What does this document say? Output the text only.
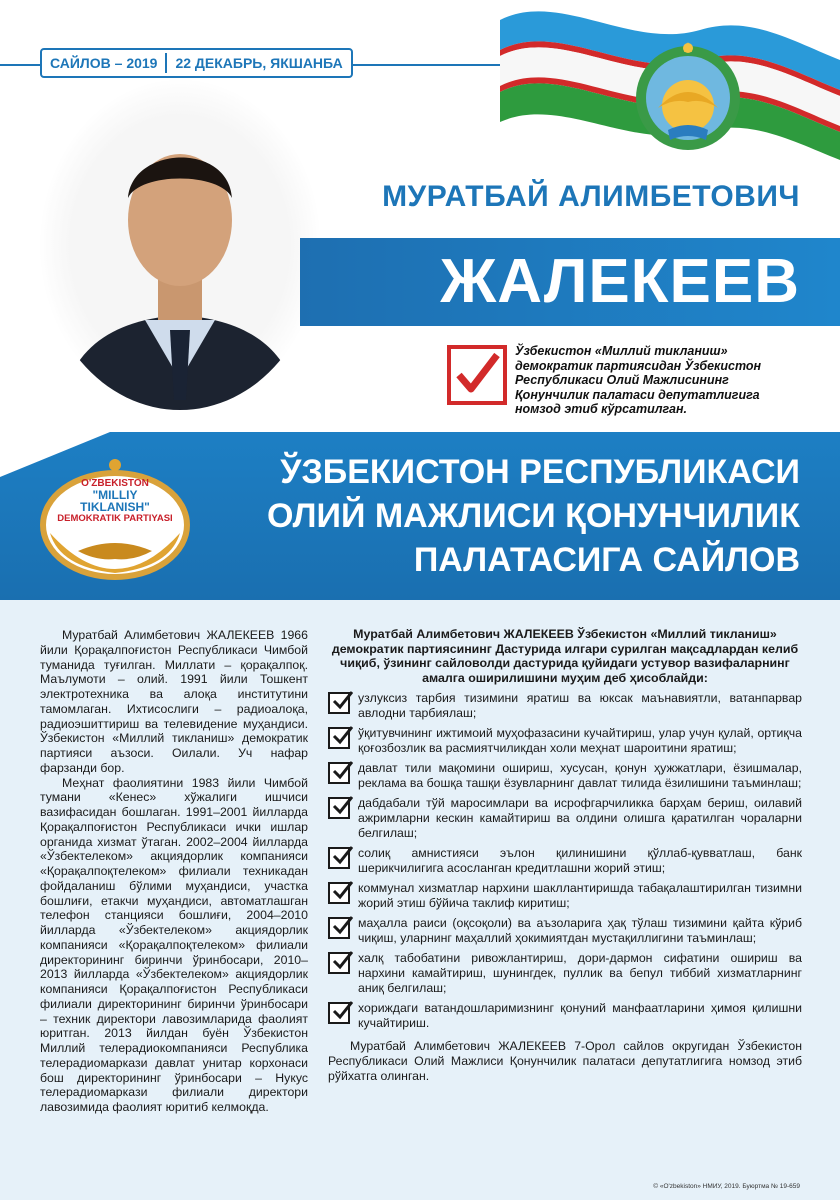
САЙЛОВ – 2019	22 ДЕКАБРЬ, ЯКШАНБА
МУРАТБАЙ АЛИМБЕТОВИЧ
ЖАЛЕКЕЕВ
Ўзбекистон «Миллий тикланиш» демократик партиясидан Ўзбекистон Республикаси Олий Мажлисининг Қонунчилик палатаси депутатлигига номзод этиб кўрсатилган.
ЎЗБЕКИСТОН РЕСПУБЛИКАСИ
ОЛИЙ МАЖЛИСИ ҚОНУНЧИЛИК
ПАЛАТАСИГА САЙЛОВ
O'ZBEKISTON
"MILLIY
TIKLANISH"
DEMOKRATIK PARTIYASI

Муратбай Алимбетович ЖАЛЕКЕЕВ 1966 йили Қорақалпоғистон Республикаси Чимбой туманида туғилган. Миллати – қорақалпоқ. Маълумоти – олий. 1991 йили Тошкент электротехника ва алоқа институтини тамомлаган. Ихтисослиги – радиоалоқа, радиоэшиттириш ва телевидение муҳандиси. Ўзбекистон «Миллий тикланиш» демократик партияси аъзоси. Оилали. Уч нафар фарзанди бор.

Меҳнат фаолиятини 1983 йили Чимбой тумани «Кенес» хўжалиги ишчиси вазифасидан бошлаган. 1991–2001 йилларда Қорақалпоғистон Республикаси ички ишлар органида хизмат ўтаган. 2002–2004 йилларда «Ўзбектелеком» акциядорлик компанияси «Қорақалпоқтелеком» филиали техникадан фойдаланиш бўлими муҳандиси, участка бошлиғи, етакчи муҳандиси, автоматлашган телефон станцияси бошлиғи, 2004–2010 йилларда «Ўзбектелеком» акциядорлик компанияси «Қорақалпоқтелеком» филиали директорининг биринчи ўринбосари, 2010–2013 йилларда «Ўзбектелеком» акциядорлик компанияси Қорақалпоғистон Республикаси филиали директорининг биринчи ўринбосари – техник директори лавозимларида фаолият юритган. 2013 йилдан буён Ўзбекистон Миллий телерадиокомпанияси Республика телерадиомаркази давлат унитар корхонаси бош директорининг ўринбосари – Нукус телерадиомаркази филиали директори лавозимида фаолият юритиб келмоқда.

Муратбай Алимбетович ЖАЛЕКЕЕВ Ўзбекистон «Миллий тикланиш» демократик партиясининг Дастурида илгари сурилган мақсадлардан келиб чиқиб, ўзининг сайловолди дастурида қуйидаги устувор вазифаларнинг амалга оширилишини муҳим деб ҳисоблайди:
узлуксиз тарбия тизимини яратиш ва юксак маънавиятли, ватанпарвар авлодни тарбиялаш;
ўқитувчининг ижтимоий муҳофазасини кучайтириш, улар учун қулай, ортиқча қоғозбозлик ва расмиятчиликдан холи меҳнат шароитини яратиш;
давлат тили мақомини ошириш, хусусан, қонун ҳужжатлари, ёзишмалар, реклама ва бошқа ташқи ёзувларнинг давлат тилида ёзилишини таъминлаш;
дабдабали тўй маросимлари ва исрофгарчиликка барҳам бериш, оилавий ажримларни кескин камайтириш ва олдини олишга қаратилган чораларни белгилаш;
солиқ амнистияси эълон қилинишини қўллаб-қувватлаш, банк шерикчилигига асосланган кредитлашни жорий этиш;
коммунал хизматлар нархини шакллантиришда табақалаштирилган тизимни жорий этиш бўйича таклиф киритиш;
маҳалла раиси (оқсоқоли) ва аъзоларига ҳақ тўлаш тизимини қайта кўриб чиқиш, уларнинг маҳаллий ҳокимиятдан мустақиллигини таъминлаш;
халқ табобатини ривожлантириш, дори-дармон сифатини ошириш ва нархини камайтириш, шунингдек, пуллик ва бепул тиббий хизматларнинг аниқ белгилаш;
хориждаги ватандошларимизнинг қонуний манфаатларини ҳимоя қилишни кучайтириш.
Муратбай Алимбетович ЖАЛЕКЕЕВ 7-Орол сайлов округидан Ўзбекистон Республикаси Олий Мажлиси Қонунчилик палатаси депутатлигига номзод этиб рўйхатга олинган.
© «O'zbekiston» НМИУ, 2019. Буюртма № 19-659
